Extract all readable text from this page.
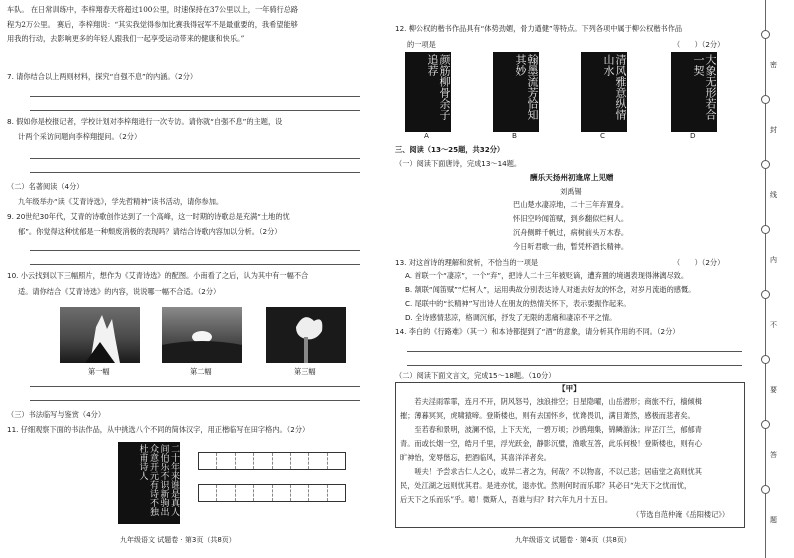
车队。 在日常训练中，李梓翔春天将超过100公里，时速保持在37公里以上，一年骑行总路
程为2万公里。 赛后，李梓翔说：“其实我觉得参加比赛我得冠军不是最重要的，我希望能够
用我的行动，去影响更多的年轻人跟我们一起享受运动带来的健康和快乐。”
7. 请你结合以上两则材料，探究“自强不息”的内涵。（2分）
8. 假如你是校报记者，学校计划对李梓翔进行一次专访。请你就“自强不息”的主题，设
计两个采访问题向李梓翔提问。（2分）
（二）名著阅读（4分）
九年级举办“读《艾青诗选》，学先哲精神”读书活动，请你参加。
9. 20世纪30年代，艾青的诗歌创作达到了一个高峰，这一时期的诗歌总是充满“土地的忧
郁”。你觉得这种忧郁是一种颓废消极的表现吗？请结合诗歌内容加以分析。（2分）
10. 小云找到以下三幅照片，想作为《艾青诗选》的配图。小南看了之后，认为其中有一幅不合
适。请你结合《艾青诗选》的内容，说说哪一幅不合适。（2分）
第一幅	第二幅	第三幅
（三）书法临写与鉴赏（4分）
11. 仔细观察下面的书法作品，从中挑选八个不同的简体汉字，用正楷临写在田字格内。（2分）
二十年来谁是真人间伯乐不识新驹出众意开元有诗不独杜甫诗人
九年级语文 试题卷 · 第3页（共8页）
12. 柳公权的楷书作品具有“体势劲媚，骨力遒健”等特点。下列各项中属于柳公权楷书作品
的一项是	（　　）（2分）
颜筋柳骨余子追荐	翰墨流芳恰知其妙	清风雅意纵情山水	大象无形若合一契
A	B	C	D
三、阅读（13～25题，共32分）
（一）阅读下面唐诗，完成13～14题。
酬乐天扬州初逢席上见赠
刘禹锡
巴山楚水凄凉地，二十三年弃置身。
怀旧空吟闻笛赋，到乡翻似烂柯人。
沉舟侧畔千帆过，病树前头万木春。
今日听君歌一曲，暂凭杯酒长精神。
13. 对这首诗的理解和赏析，不恰当的一项是	（　　）（2分）
A. 首联一个“凄凉”，一个“弃”，把诗人二十三年被贬谪，遭弃置的境遇表现得淋漓尽致。
B. 颔联“闻笛赋”“烂柯人”，运用典故分别表达诗人对逝去好友的怀念，对岁月流逝的感慨。
C. 尾联中的“长精神”写出诗人在朋友的热情关怀下，表示要振作起来。
D. 全诗感情悲凉，格调沉郁，抒发了无限的悲痛和凄凉不平之情。
14. 李白的《行路难》（其一）和本诗都提到了“酒”的意象，请分析其作用的不同。（2分）
（二）阅读下面文言文，完成15～18题。（10分）
【甲】
　　若夫淫雨霏霏，连月不开，阴风怒号，浊浪排空；日星隐曜，山岳潜形；商旅不行，樯倾楫
摧；薄暮冥冥，虎啸猿啼。登斯楼也，则有去国怀乡，忧谗畏讥，满目萧然，感极而悲者矣。
　　至若春和景明，波澜不惊，上下天光，一碧万顷；沙鸥翔集，锦鳞游泳；岸芷汀兰，郁郁青
青。而或长烟一空，皓月千里，浮光跃金，静影沉璧，渔歌互答，此乐何极！登斯楼也，则有心
旷神怡，宠辱偕忘，把酒临风，其喜洋洋者矣。
　　嗟夫！予尝求古仁人之心，或异二者之为，何哉？不以物喜，不以己悲；居庙堂之高则忧其
民，处江湖之远则忧其君。是进亦忧，退亦忧。然则何时而乐耶？其必曰“先天下之忧而忧，
后天下之乐而乐”乎。噫！微斯人，吾谁与归？时六年九月十五日。
（节选自范仲淹《岳阳楼记》）
九年级语文 试题卷 · 第4页（共8页）
密
封
线
内
不
要
答
题
